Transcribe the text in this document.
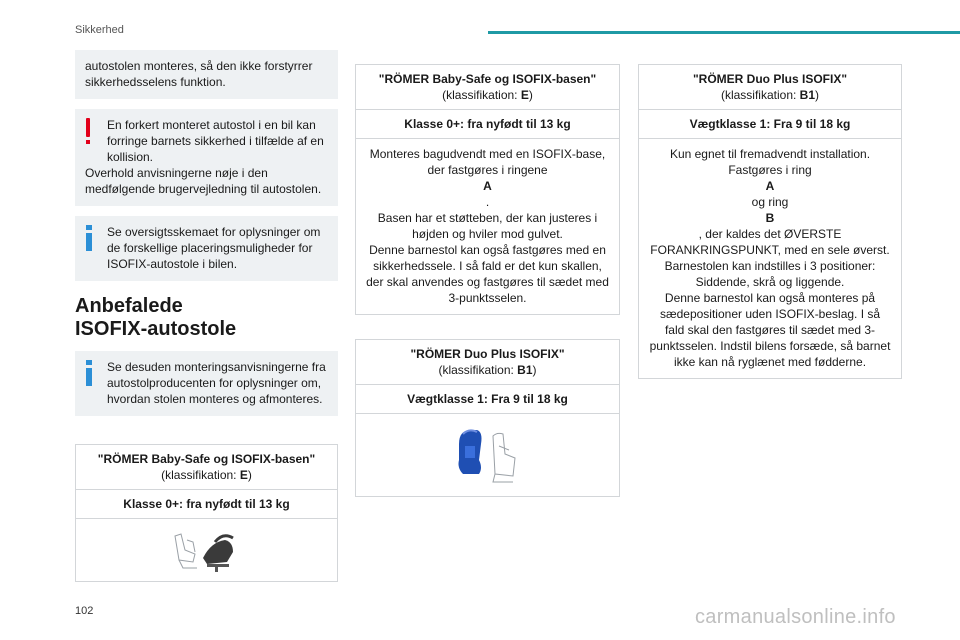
Sikkerhed
autostolen monteres, så den ikke forstyrrer sikkerhedsselens funktion.
En forkert monteret autostol i en bil kan forringe barnets sikkerhed i tilfælde af en kollision.
Overhold anvisningerne nøje i den medfølgende brugervejledning til autostolen.
Se oversigtsskemaet for oplysninger om de forskellige placeringsmuligheder for ISOFIX-autostole i bilen.
Anbefalede
ISOFIX-autostole
Se desuden monteringsanvisningerne fra autostolproducenten for oplysninger om, hvordan stolen monteres og afmonteres.
"RÖMER Baby-Safe og ISOFIX-basen"
(klassifikation: E)
Klasse 0+: fra nyfødt til 13 kg
"RÖMER Baby-Safe og ISOFIX-basen"
(klassifikation: E)
Klasse 0+: fra nyfødt til 13 kg
Monteres bagudvendt med en ISOFIX-base, der fastgøres i ringene
A
.
Basen har et støtteben, der kan justeres i højden og hviler mod gulvet.
Denne barnestol kan også fastgøres med en sikkerhedssele. I så fald er det kun skallen, der skal anvendes og fastgøres til sædet med 3-punktsselen.
"RÖMER Duo Plus ISOFIX"
(klassifikation: B1)
Vægtklasse 1: Fra 9 til 18 kg
"RÖMER Duo Plus ISOFIX"
(klassifikation: B1)
Vægtklasse 1: Fra 9 til 18 kg
Kun egnet til fremadvendt installation.
Fastgøres i ring
A
og ring
B
, der kaldes det ØVERSTE FORANKRINGSPUNKT, med en sele øverst.
Barnestolen kan indstilles i 3 positioner: Siddende, skrå og liggende.
Denne barnestol kan også monteres på sædepositioner uden ISOFIX-beslag. I så fald skal den fastgøres til sædet med 3-punktsselen. Indstil bilens forsæde, så barnet ikke kan nå ryglænet med fødderne.
102	carmanualsonline.info
